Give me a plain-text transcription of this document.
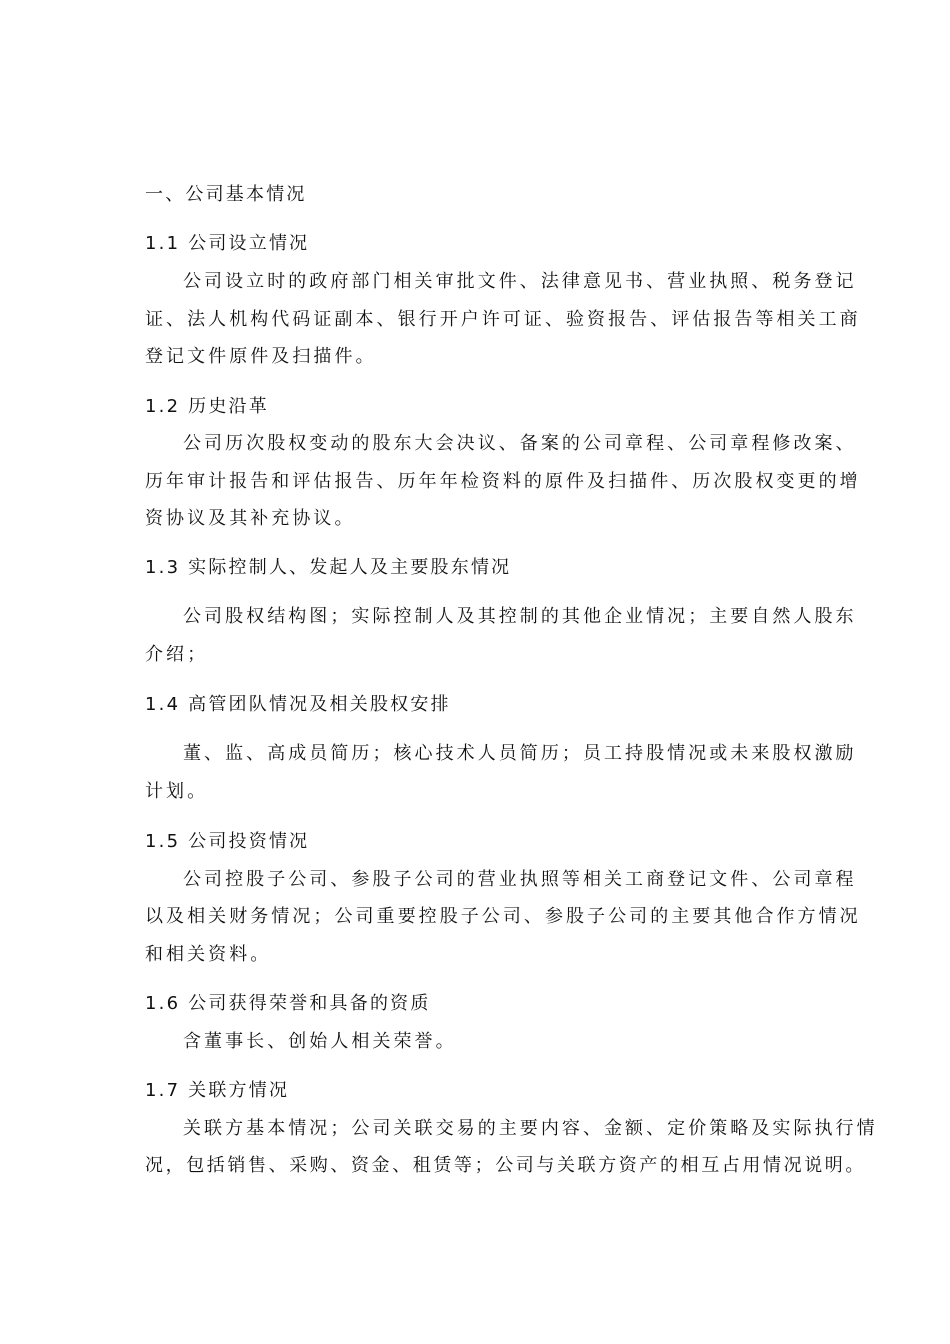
一、公司基本情况
1.1 公司设立情况
公司设立时的政府部门相关审批文件、法律意见书、营业执照、税务登记
证、法人机构代码证副本、银行开户许可证、验资报告、评估报告等相关工商
登记文件原件及扫描件。
1.2 历史沿革
公司历次股权变动的股东大会决议、备案的公司章程、公司章程修改案、
历年审计报告和评估报告、历年年检资料的原件及扫描件、历次股权变更的增
资协议及其补充协议。
1.3 实际控制人、发起人及主要股东情况
公司股权结构图；实际控制人及其控制的其他企业情况；主要自然人股东
介绍；
1.4 高管团队情况及相关股权安排
董、监、高成员简历；核心技术人员简历；员工持股情况或未来股权激励
计划。
1.5 公司投资情况
公司控股子公司、参股子公司的营业执照等相关工商登记文件、公司章程
以及相关财务情况；公司重要控股子公司、参股子公司的主要其他合作方情况
和相关资料。
1.6 公司获得荣誉和具备的资质
含董事长、创始人相关荣誉。
1.7 关联方情况
关联方基本情况；公司关联交易的主要内容、金额、定价策略及实际执行情
况，包括销售、采购、资金、租赁等；公司与关联方资产的相互占用情况说明。
